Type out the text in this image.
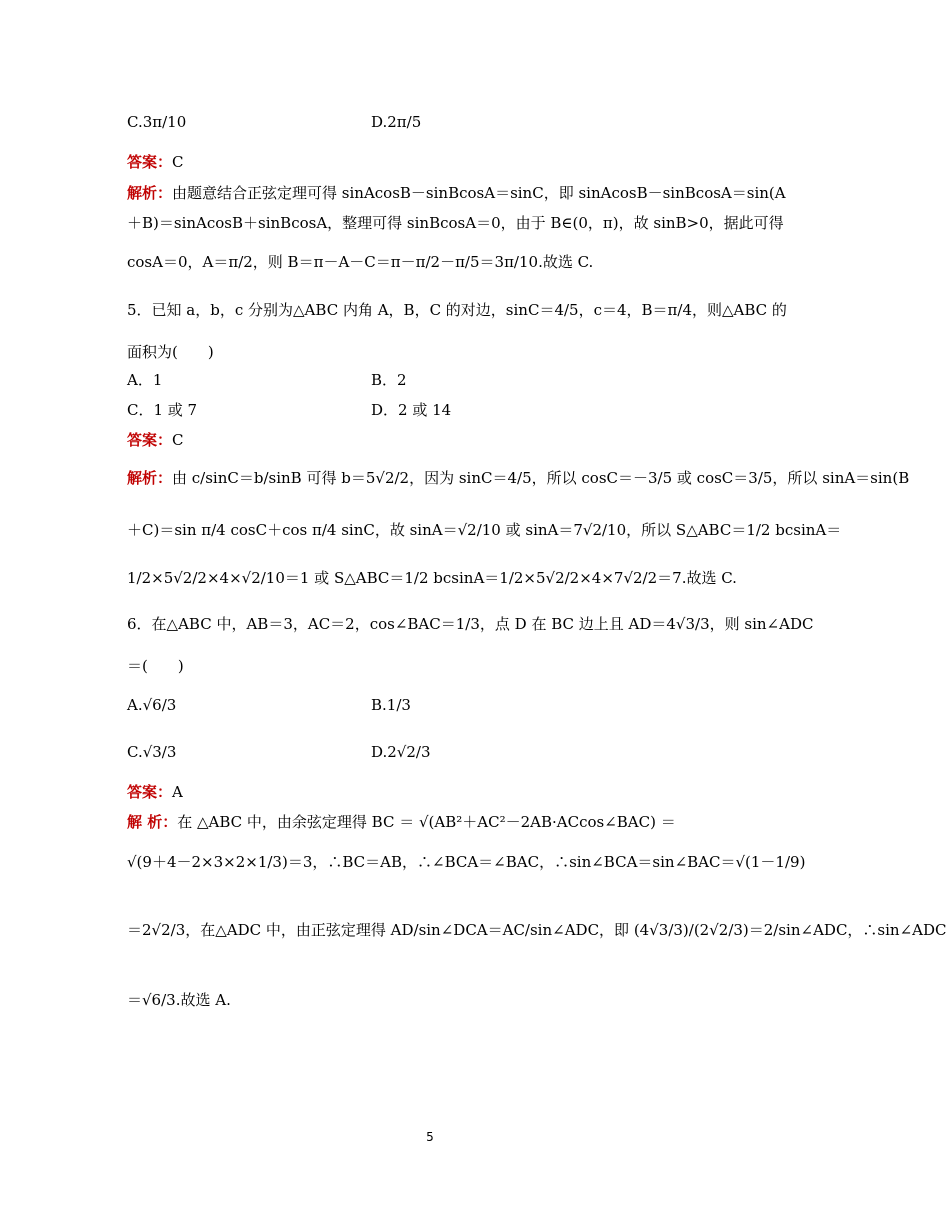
C.3π/10	D.2π/5
答案：C
解析：由题意结合正弦定理可得 sinAcosB－sinBcosA＝sinC，即 sinAcosB－sinBcosA＝sin(A
＋B)＝sinAcosB＋sinBcosA，整理可得 sinBcosA＝0，由于 B∈(0，π)，故 sinB>0，据此可得
cosA＝0，A＝π/2，则 B＝π－A－C＝π－π/2－π/5＝3π/10.故选 C.
5．已知 a，b，c 分别为△ABC 内角 A，B，C 的对边，sinC＝4/5，c＝4，B＝π/4，则△ABC 的
面积为(　　)
A．1	B．2
C．1 或 7	D．2 或 14
答案：C
解析：由 c/sinC＝b/sinB 可得 b＝5√2/2，因为 sinC＝4/5，所以 cosC＝－3/5 或 cosC＝3/5，所以 sinA＝sin(B
＋C)＝sin π/4 cosC＋cos π/4 sinC，故 sinA＝√2/10 或 sinA＝7√2/10，所以 S△ABC＝1/2 bcsinA＝
1/2×5√2/2×4×√2/10＝1 或 S△ABC＝1/2 bcsinA＝1/2×5√2/2×4×7√2/2＝7.故选 C.
6．在△ABC 中，AB＝3，AC＝2，cos∠BAC＝1/3，点 D 在 BC 边上且 AD＝4√3/3，则 sin∠ADC
＝(　　)
A.√6/3	B.1/3
C.√3/3	D.2√2/3
答案：A
解 析：在 △ABC 中，由余弦定理得 BC ＝ √(AB²＋AC²－2AB·ACcos∠BAC) ＝
√(9＋4－2×3×2×1/3)＝3，∴BC＝AB，∴∠BCA＝∠BAC，∴sin∠BCA＝sin∠BAC＝√(1－1/9)
＝2√2/3，在△ADC 中，由正弦定理得 AD/sin∠DCA＝AC/sin∠ADC，即 (4√3/3)/(2√2/3)＝2/sin∠ADC，∴sin∠ADC
＝√6/3.故选 A.
5
